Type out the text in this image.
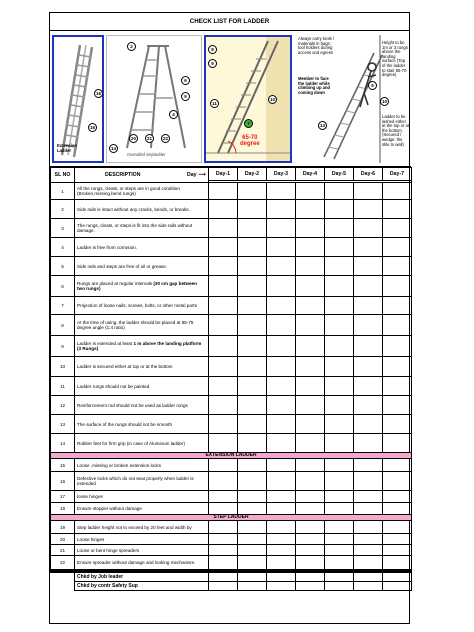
CHECK LIST FOR LADDER
16
16
Extension
Ladder
2
6
9
4
14
20	21	22
Overalled stepladder
8
9
11
10
7
65-70
degree
Always carry tools / materials in bags; tool holders during access and egress
Member to face the ladder while climbing up and coming down
Height to be 1m or 3 rungs above the landing surface (Top of the ladder to stair 65-70 degree)
Ladder to be lashed either at the top or at the bottom (Secured / wedge: the stile to wall)
5
10
13
SL NO	DESCRIPTION Day ⟶	Day-1	Day-2	Day-3	Day-4	Day-5	Day-6	Day-7

1	All the rungs, cleats, or steps are in good condition (Broken,missing,bend rungs)							
2	Side rails is intact without any cracks, bends, or breaks.							
3	The rungs, cleats, or steps is fit into the side rails without damage.							
4	Ladder is free from corrosion.							
5	Side rails and steps are free of oil or grease.							
6	Rungs are placed at regular intervals (30 cm gap between two rungs)							
7	Projection of loose nails, screws, bolts, or other metal parts							
8	At the time of using, the ladder should be placed at 65-75 degree angle (1:4 ratio)							
9	Ladder is extended at least 1 m above the landing platform (3 Rungs)							
10	Ladder is secured either at top or at the bottom							
11	Ladder rungs should not be painted.							
12	Reinforcement rod should not be used as ladder rungs							
13	The surface of the rungs should not be smooth							
14	Rubber feet for firm grip (in case of Aluminum ladder)							
EXTENSION LADDER								
15	Loose ,missing or broken extension locks							
16	Defective locks which do not seat properly when ladder is extended							
17	loose hinges							
18	Ensure stopper without damage							
STEP LADDER								
19	Step ladder height not to exceed by 20 feet and width by							
20	Loose hinges							
21	Loose or bent hinge spreaders							
22	Ensure spreader without damage and looking mechanism.							

	Chkd by Job leader							
	Chkd by contr Safety Sup							
